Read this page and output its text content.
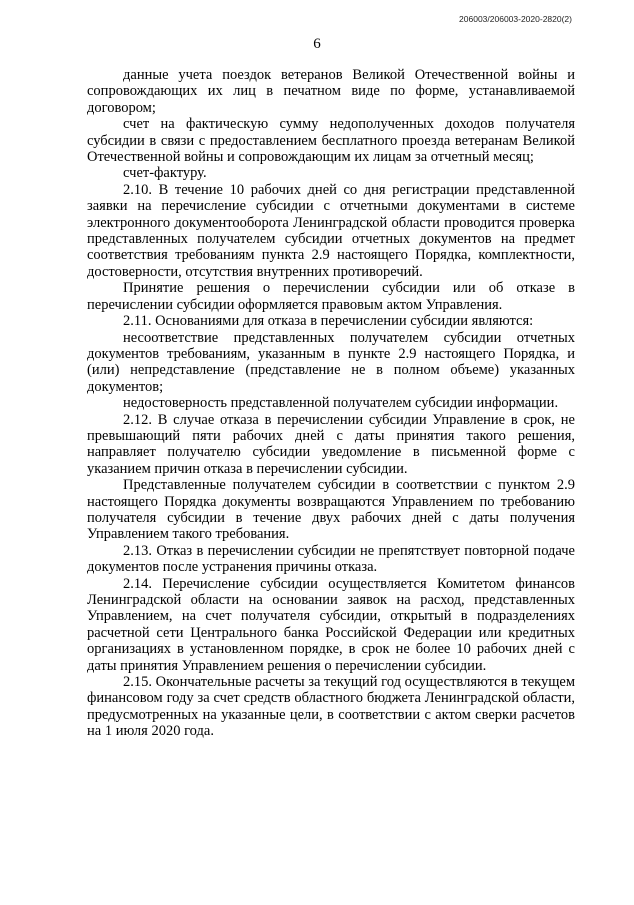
206003/206003-2020-2820(2)
6

данные учета поездок ветеранов Великой Отечественной войны и сопровождающих их лиц в печатном виде по форме, устанавливаемой договором;

счет на фактическую сумму недополученных доходов получателя субсидии в связи с предоставлением бесплатного проезда ветеранам Великой Отечественной войны и сопровождающим их лицам за отчетный месяц;

счет-фактуру.

2.10. В течение 10 рабочих дней со дня регистрации представленной заявки на перечисление субсидии с отчетными документами в системе электронного документооборота Ленинградской области проводится проверка представленных получателем субсидии отчетных документов на предмет соответствия требованиям пункта 2.9 настоящего Порядка, комплектности, достоверности, отсутствия внутренних противоречий.

Принятие решения о перечислении субсидии или об отказе в перечислении субсидии оформляется правовым актом Управления.

2.11. Основаниями для отказа в перечислении субсидии являются:

несоответствие представленных получателем субсидии отчетных документов требованиям, указанным в пункте 2.9 настоящего Порядка, и (или) непредставление (представление не в полном объеме) указанных документов;

недостоверность представленной получателем субсидии информации.

2.12. В случае отказа в перечислении субсидии Управление в срок, не превышающий пяти рабочих дней с даты принятия такого решения, направляет получателю субсидии уведомление в письменной форме с указанием причин отказа в перечислении субсидии.

Представленные получателем субсидии в соответствии с пунктом 2.9 настоящего Порядка документы возвращаются Управлением по требованию получателя субсидии в течение двух рабочих дней с даты получения Управлением такого требования.

2.13. Отказ в перечислении субсидии не препятствует повторной подаче документов после устранения причины отказа.

2.14. Перечисление субсидии осуществляется Комитетом финансов Ленинградской области на основании заявок на расход, представленных Управлением, на счет получателя субсидии, открытый в подразделениях расчетной сети Центрального банка Российской Федерации или кредитных организациях в установленном порядке, в срок не более 10 рабочих дней с даты принятия Управлением решения о перечислении субсидии.

2.15. Окончательные расчеты за текущий год осуществляются в текущем финансовом году за счет средств областного бюджета Ленинградской области, предусмотренных на указанные цели, в соответствии с актом сверки расчетов на 1 июля 2020 года.
